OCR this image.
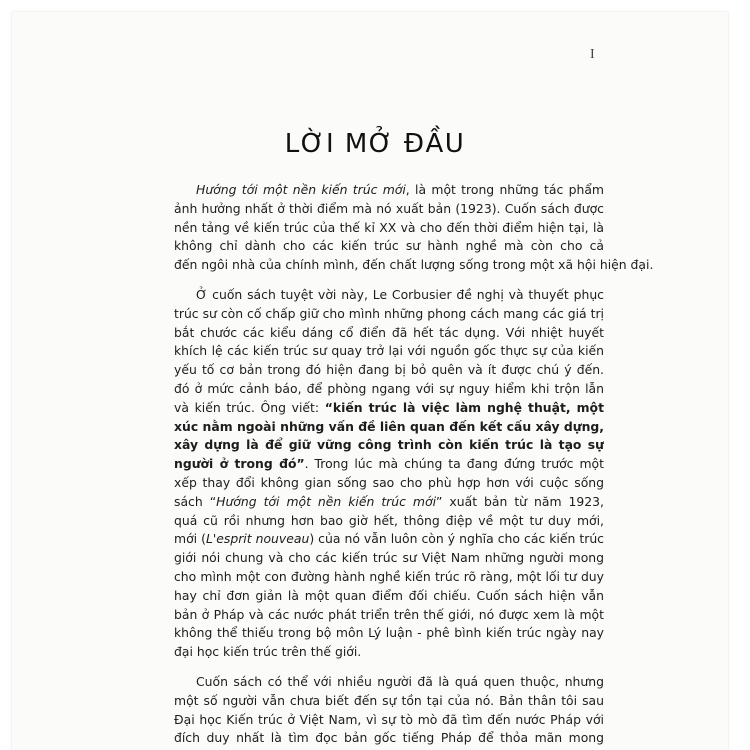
I
LỜI MỞ ĐẦU
Hướng tới một nền kiến trúc mới, là một trong những tác phẩm
ảnh hưởng nhất ở thời điểm mà nó xuất bản (1923). Cuốn sách được
nền tảng về kiến trúc của thế kỉ XX và cho đến thời điểm hiện tại, là
không chỉ dành cho các kiến trúc sư hành nghề mà còn cho cả
đến ngôi nhà của chính mình, đến chất lượng sống trong một xã hội hiện đại.
Ở cuốn sách tuyệt vời này, Le Corbusier đề nghị và thuyết phục
trúc sư còn cố chấp giữ cho mình những phong cách mang các giá trị
bắt chước các kiểu dáng cổ điển đã hết tác dụng. Với nhiệt huyết
khích lệ các kiến trúc sư quay trở lại với nguồn gốc thực sự của kiến
yếu tố cơ bản trong đó hiện đang bị bỏ quên và ít được chú ý đến.
đó ở mức cảnh báo, để phòng ngang với sự nguy hiểm khi trộn lẫn
và kiến trúc. Ông viết: “kiến trúc là việc làm nghệ thuật, một
xúc nằm ngoài những vấn đề liên quan đến kết cấu xây dựng,
xây dựng là để giữ vững công trình còn kiến trúc là tạo sự
người ở trong đó”. Trong lúc mà chúng ta đang đứng trước một
xếp thay đổi không gian sống sao cho phù hợp hơn với cuộc sống
sách “Hướng tới một nền kiến trúc mới” xuất bản từ năm 1923,
quá cũ rồi nhưng hơn bao giờ hết, thông điệp về một tư duy mới,
mới (L'esprit nouveau) của nó vẫn luôn còn ý nghĩa cho các kiến trúc
giới nói chung và cho các kiến trúc sư Việt Nam những người mong
cho mình một con đường hành nghề kiến trúc rõ ràng, một lối tư duy
hay chỉ đơn giản là một quan điểm đối chiếu. Cuốn sách hiện vẫn
bản ở Pháp và các nước phát triển trên thế giới, nó được xem là một
không thể thiếu trong bộ môn Lý luận - phê bình kiến trúc ngày nay
đại học kiến trúc trên thế giới.
Cuốn sách có thể với nhiều người đã là quá quen thuộc, nhưng
một số người vẫn chưa biết đến sự tồn tại của nó. Bản thân tôi sau
Đại học Kiến trúc ở Việt Nam, vì sự tò mò đã tìm đến nước Pháp với
đích duy nhất là tìm đọc bản gốc tiếng Pháp để thỏa mãn mong
